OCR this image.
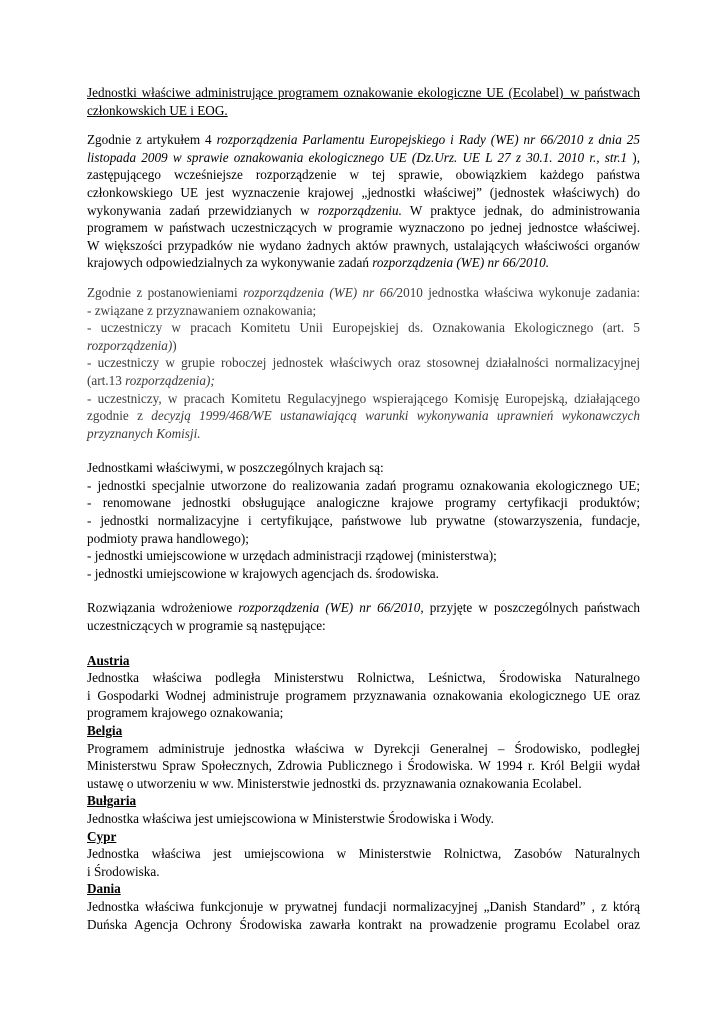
Jednostki właściwe administrujące programem oznakowanie ekologiczne UE (Ecolabel)_w państwach członkowskich UE i EOG.

Zgodnie z artykułem 4 rozporządzenia Parlamentu Europejskiego i Rady (WE) nr 66/2010 z dnia 25

listopada 2009 w sprawie oznakowania ekologicznego UE (Dz.Urz. UE L 27 z 30.1. 2010 r., str.1 ),

zastępującego wcześniejsze rozporządzenie w tej sprawie, obowiązkiem każdego państwa

członkowskiego UE jest wyznaczenie krajowej „jednostki właściwej” (jednostek właściwych) do

wykonywania zadań przewidzianych w rozporządzeniu. W praktyce jednak, do administrowania

programem w państwach uczestniczących w programie wyznaczono po jednej jednostce właściwej.

W większości przypadków nie wydano żadnych aktów prawnych, ustalających właściwości organów

krajowych odpowiedzialnych za wykonywanie zadań rozporządzenia (WE) nr 66/2010.

Zgodnie z postanowieniami rozporządzenia (WE) nr 66/2010 jednostka właściwa wykonuje zadania:

- związane z przyznawaniem oznakowania;

- uczestniczy w pracach Komitetu Unii Europejskiej ds. Oznakowania Ekologicznego (art. 5

rozporządzenia))

- uczestniczy w grupie roboczej jednostek właściwych oraz stosownej działalności normalizacyjnej

(art.13 rozporządzenia);

- uczestniczy, w pracach Komitetu Regulacyjnego wspierającego Komisję Europejską, działającego

zgodnie z decyzją 1999/468/WE ustanawiającą warunki wykonywania uprawnień wykonawczych

przyznanych Komisji.

Jednostkami właściwymi, w poszczególnych krajach są:

- jednostki specjalnie utworzone do realizowania zadań programu oznakowania ekologicznego UE;

- renomowane jednostki obsługujące analogiczne krajowe programy certyfikacji produktów;

- jednostki normalizacyjne i certyfikujące, państwowe lub prywatne (stowarzyszenia, fundacje,

podmioty prawa handlowego);

- jednostki umiejscowione w urzędach administracji rządowej (ministerstwa);

- jednostki umiejscowione w krajowych agencjach ds. środowiska.

Rozwiązania wdrożeniowe rozporządzenia (WE) nr 66/2010, przyjęte w poszczególnych państwach

uczestniczących w programie są następujące:

Austria

Jednostka właściwa podległa Ministerstwu Rolnictwa, Leśnictwa, Środowiska Naturalnego

i Gospodarki Wodnej administruje programem przyznawania oznakowania ekologicznego UE oraz

programem krajowego oznakowania;

Belgia

Programem administruje jednostka właściwa w Dyrekcji Generalnej – Środowisko, podległej

Ministerstwu Spraw Społecznych, Zdrowia Publicznego i Środowiska. W 1994 r. Król Belgii wydał

ustawę o utworzeniu w ww. Ministerstwie jednostki ds. przyznawania oznakowania Ecolabel.

Bułgaria

Jednostka właściwa jest umiejscowiona w Ministerstwie Środowiska i Wody.

Cypr

Jednostka właściwa jest umiejscowiona w Ministerstwie Rolnictwa, Zasobów Naturalnych

i Środowiska.

Dania

Jednostka właściwa funkcjonuje w prywatnej fundacji normalizacyjnej „Danish Standard” , z którą

Duńska Agencja Ochrony Środowiska zawarła kontrakt na prowadzenie programu Ecolabel oraz
